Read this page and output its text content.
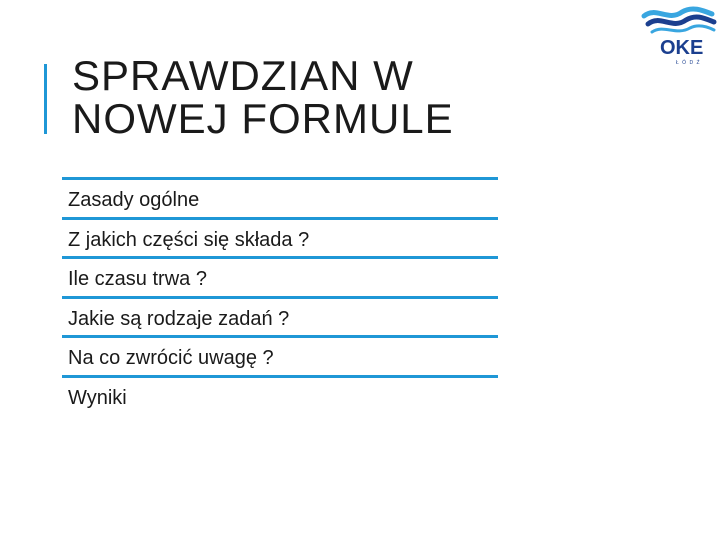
SPRAWDZIAN W
NOWEJ FORMULE
OKE
Ł Ó D Ź
Zasady ogólne
Z jakich części się składa ?
Ile czasu trwa ?
Jakie są rodzaje zadań ?
Na co zwrócić uwagę ?
Wyniki
